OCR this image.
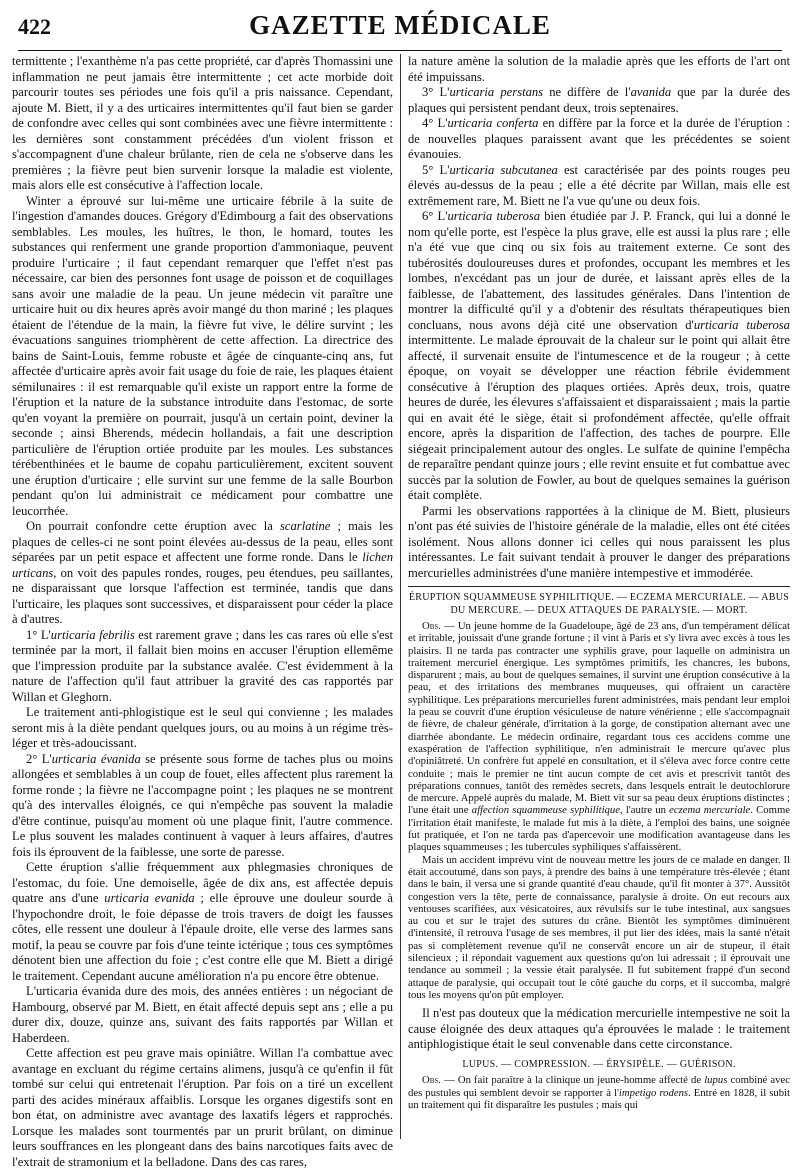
422	GAZETTE MÉDICALE

termittente ; l'exanthème n'a pas cette propriété, car d'après Thomassini une inflammation ne peut jamais être intermittente ; cet acte morbide doit parcourir toutes ses périodes une fois qu'il a pris naissance. Cependant, ajoute M. Biett, il y a des urticaires intermittentes qu'il faut bien se garder de confondre avec celles qui sont combinées avec une fièvre intermittente : les dernières sont constamment précédées d'un violent frisson et s'accompagnent d'une chaleur brûlante, rien de cela ne s'observe dans les premières ; la fièvre peut bien survenir lorsque la maladie est violente, mais alors elle est consécutive à l'affection locale.

Winter a éprouvé sur lui-même une urticaire fébrile à la suite de l'ingestion d'amandes douces. Grégory d'Edimbourg a fait des observations semblables. Les moules, les huîtres, le thon, le homard, toutes les substances qui renferment une grande proportion d'ammoniaque, peuvent produire l'urticaire ; il faut cependant remarquer que l'effet n'est pas nécessaire, car bien des personnes font usage de poisson et de coquillages sans avoir une maladie de la peau. Un jeune médecin vit paraître une urticaire huit ou dix heures après avoir mangé du thon mariné ; les plaques étaient de l'étendue de la main, la fièvre fut vive, le délire survint ; les évacuations sanguines triomphèrent de cette affection. La directrice des bains de Saint-Louis, femme robuste et âgée de cinquante-cinq ans, fut affectée d'urticaire après avoir fait usage du foie de raie, les plaques étaient sémilunaires : il est remarquable qu'il existe un rapport entre la forme de l'éruption et la nature de la substance introduite dans l'estomac, de sorte qu'en voyant la première on pourrait, jusqu'à un certain point, deviner la seconde ; ainsi Bherends, médecin hollandais, a fait une description particulière de l'éruption ortiée produite par les moules. Les substances térébenthinées et le baume de copahu particulièrement, excitent souvent une éruption d'urticaire ; elle survint sur une femme de la salle Bourbon pendant qu'on lui administrait ce médicament pour combattre une leucorrhée.

On pourrait confondre cette éruption avec la scarlatine ; mais les plaques de celles-ci ne sont point élevées au-dessus de la peau, elles sont séparées par un petit espace et affectent une forme ronde. Dans le lichen urticans, on voit des papules rondes, rouges, peu étendues, peu saillantes, ne disparaissant que lorsque l'affection est terminée, tandis que dans l'urticaire, les plaques sont successives, et disparaissent pour céder la place à d'autres.

1° L'urticaria febrilis est rarement grave ; dans les cas rares où elle s'est terminée par la mort, il fallait bien moins en accuser l'éruption ellemême que l'impression produite par la substance avalée. C'est évidemment à la nature de l'affection qu'il faut attribuer la gravité des cas rapportés par Willan et Gleghorn.

Le traitement anti-phlogistique est le seul qui convienne ; les malades seront mis à la diète pendant quelques jours, ou au moins à un régime très-léger et très-adoucissant.

2° L'urticaria évanida se présente sous forme de taches plus ou moins allongées et semblables à un coup de fouet, elles affectent plus rarement la forme ronde ; la fièvre ne l'accompagne point ; les plaques ne se montrent qu'à des intervalles éloignés, ce qui n'empêche pas souvent la maladie d'être continue, puisqu'au moment où une plaque finit, l'autre commence. Le plus souvent les malades continuent à vaquer à leurs affaires, d'autres fois ils éprouvent de la faiblesse, une sorte de paresse.

Cette éruption s'allie fréquemment aux phlegmasies chroniques de l'estomac, du foie. Une demoiselle, âgée de dix ans, est affectée depuis quatre ans d'une urticaria evanida ; elle éprouve une douleur sourde à l'hypochondre droit, le foie dépasse de trois travers de doigt les fausses côtes, elle ressent une douleur à l'épaule droite, elle verse des larmes sans motif, la peau se couvre par fois d'une teinte ictérique ; tous ces symptômes dénotent bien une affection du foie ; c'est contre elle que M. Biett a dirigé le traitement. Cependant aucune amélioration n'a pu encore être obtenue.

L'urticaria évanida dure des mois, des années entières : un négociant de Hambourg, observé par M. Biett, en était affecté depuis sept ans ; elle a pu durer dix, douze, quinze ans, suivant des faits rapportés par Willan et Haberdeen.

Cette affection est peu grave mais opiniâtre. Willan l'a combattue avec avantage en excluant du régime certains alimens, jusqu'à ce qu'enfin il fût tombé sur celui qui entretenait l'éruption. Par fois on a tiré un excellent parti des acides minéraux affaiblis. Lorsque les organes digestifs sont en bon état, on administre avec avantage des laxatifs légers et rapprochés. Lorsque les malades sont tourmentés par un prurit brûlant, on diminue leurs souffrances en les plongeant dans des bains narcotiques faits avec de l'extrait de stramonium et la belladone. Dans des cas rares,

la nature amène la solution de la maladie après que les efforts de l'art ont été impuissans.

3° L'urticaria perstans ne diffère de l'avanida que par la durée des plaques qui persistent pendant deux, trois septenaires.

4° L'urticaria conferta en diffère par la force et la durée de l'éruption : de nouvelles plaques paraissent avant que les précédentes se soient évanouies.

5° L'urticaria subcutanea est caractérisée par des points rouges peu élevés au-dessus de la peau ; elle a été décrite par Willan, mais elle est extrêmement rare, M. Biett ne l'a vue qu'une ou deux fois.

6° L'urticaria tuberosa bien étudiée par J. P. Franck, qui lui a donné le nom qu'elle porte, est l'espèce la plus grave, elle est aussi la plus rare ; elle n'a été vue que cinq ou six fois au traitement externe. Ce sont des tubérosités douloureuses dures et profondes, occupant les membres et les lombes, n'excédant pas un jour de durée, et laissant après elles de la faiblesse, de l'abattement, des lassitudes générales. Dans l'intention de montrer la difficulté qu'il y a d'obtenir des résultats thérapeutiques bien concluans, nous avons déjà cité une observation d'urticaria tuberosa intermittente. Le malade éprouvait de la chaleur sur le point qui allait être affecté, il survenait ensuite de l'intumescence et de la rougeur ; à cette époque, on voyait se développer une réaction fébrile évidemment consécutive à l'éruption des plaques ortiées. Après deux, trois, quatre heures de durée, les élevures s'affaissaient et disparaissaient ; mais la partie qui en avait été le siège, était si profondément affectée, qu'elle offrait encore, après la disparition de l'affection, des taches de pourpre. Elle siégeait principalement autour des ongles. Le sulfate de quinine l'empêcha de reparaître pendant quinze jours ; elle revint ensuite et fut combattue avec succès par la solution de Fowler, au bout de quelques semaines la guérison était complète.

Parmi les observations rapportées à la clinique de M. Biett, plusieurs n'ont pas été suivies de l'histoire générale de la maladie, elles ont été citées isolément. Nous allons donner ici celles qui nous paraissent les plus intéressantes. Le fait suivant tendait à prouver le danger des préparations mercurielles administrées d'une manière intempestive et immodérée.

ÉRUPTION SQUAMMEUSE SYPHILITIQUE. — ECZEMA MERCURIALE. — ABUS DU MERCURE. — DEUX ATTAQUES DE PARALYSIE. — MORT.

Obs. — Un jeune homme de la Guadeloupe, âgé de 23 ans, d'un tempérament délicat et irritable, jouissait d'une grande fortune ; il vint à Paris et s'y livra avec excès à tous les plaisirs. Il ne tarda pas contracter une syphilis grave, pour laquelle on administra un traitement mercuriel énergique. Les symptômes primitifs, les chancres, les bubons, disparurent ; mais, au bout de quelques semaines, il survint une éruption consécutive à la peau, et des irritations des membranes muqueuses, qui offraient un caractère syphilitique. Les préparations mercurielles furent administrées, mais pendant leur emploi la peau se couvrit d'une éruption vésiculeuse de nature vénérienne ; elle s'accompagnait de fièvre, de chaleur générale, d'irritation à la gorge, de constipation alternant avec une diarrhée abondante. Le médecin ordinaire, regardant tous ces accidens comme une exaspération de l'affection syphilitique, n'en administrait le mercure qu'avec plus d'opiniâtreté. Un confrère fut appelé en consultation, et il s'éleva avec force contre cette conduite ; mais le premier ne tint aucun compte de cet avis et prescrivit tantôt des préparations connues, tantôt des remèdes secrets, dans lesquels entrait le deutochlorure de mercure. Appelé auprès du malade, M. Biett vit sur sa peau deux éruptions distinctes ; l'une était une affection squammeuse syphilitique, l'autre un eczema mercuriale. Comme l'irritation était manifeste, le malade fut mis à la diète, à l'emploi des bains, une soignée fut pratiquée, et l'on ne tarda pas d'apercevoir une modification avantageuse dans les plaques squammeuses ; les tubercules syphiliques s'affaissèrent.

Mais un accident imprévu vint de nouveau mettre les jours de ce malade en danger. Il était accoutumé, dans son pays, à prendre des bains à une température très-élevée ; étant dans le bain, il versa une si grande quantité d'eau chaude, qu'il fit monter à 37°. Aussitôt congestion vers la tête, perte de connaissance, paralysie à droite. On eut recours aux ventouses scarifiées, aux vésicatoires, aux révulsifs sur le tube intestinal, aux sangsues au cou et sur le trajet des sutures du crâne. Bientôt les symptômes diminuèrent d'intensité, il retrouva l'usage de ses membres, il put lier des idées, mais la santé n'était pas si complètement revenue qu'il ne conservât encore un air de stupeur, il était silencieux ; il répondait vaguement aux questions qu'on lui adressait ; il éprouvait une tendance au sommeil ; la vessie était paralysée. Il fut subitement frappé d'un second attaque de paralysie, qui occupait tout le côté gauche du corps, et il succomba, malgré tous les moyens qu'on pût employer.

Il n'est pas douteux que la médication mercurielle intempestive ne soit la cause éloignée des deux attaques qu'a éprouvées le malade : le traitement antiphlogistique était le seul convenable dans cette circonstance.

LUPUS. — COMPRESSION. — ÉRYSIPÈLE. — GUÉRISON.

Obs. — On fait paraître à la clinique un jeune-homme affecté de lupus combiné avec des pustules qui semblent devoir se rapporter à l'impetigo rodens. Entré en 1828, il subit un traitement qui fit disparaître les pustules ; mais qui
